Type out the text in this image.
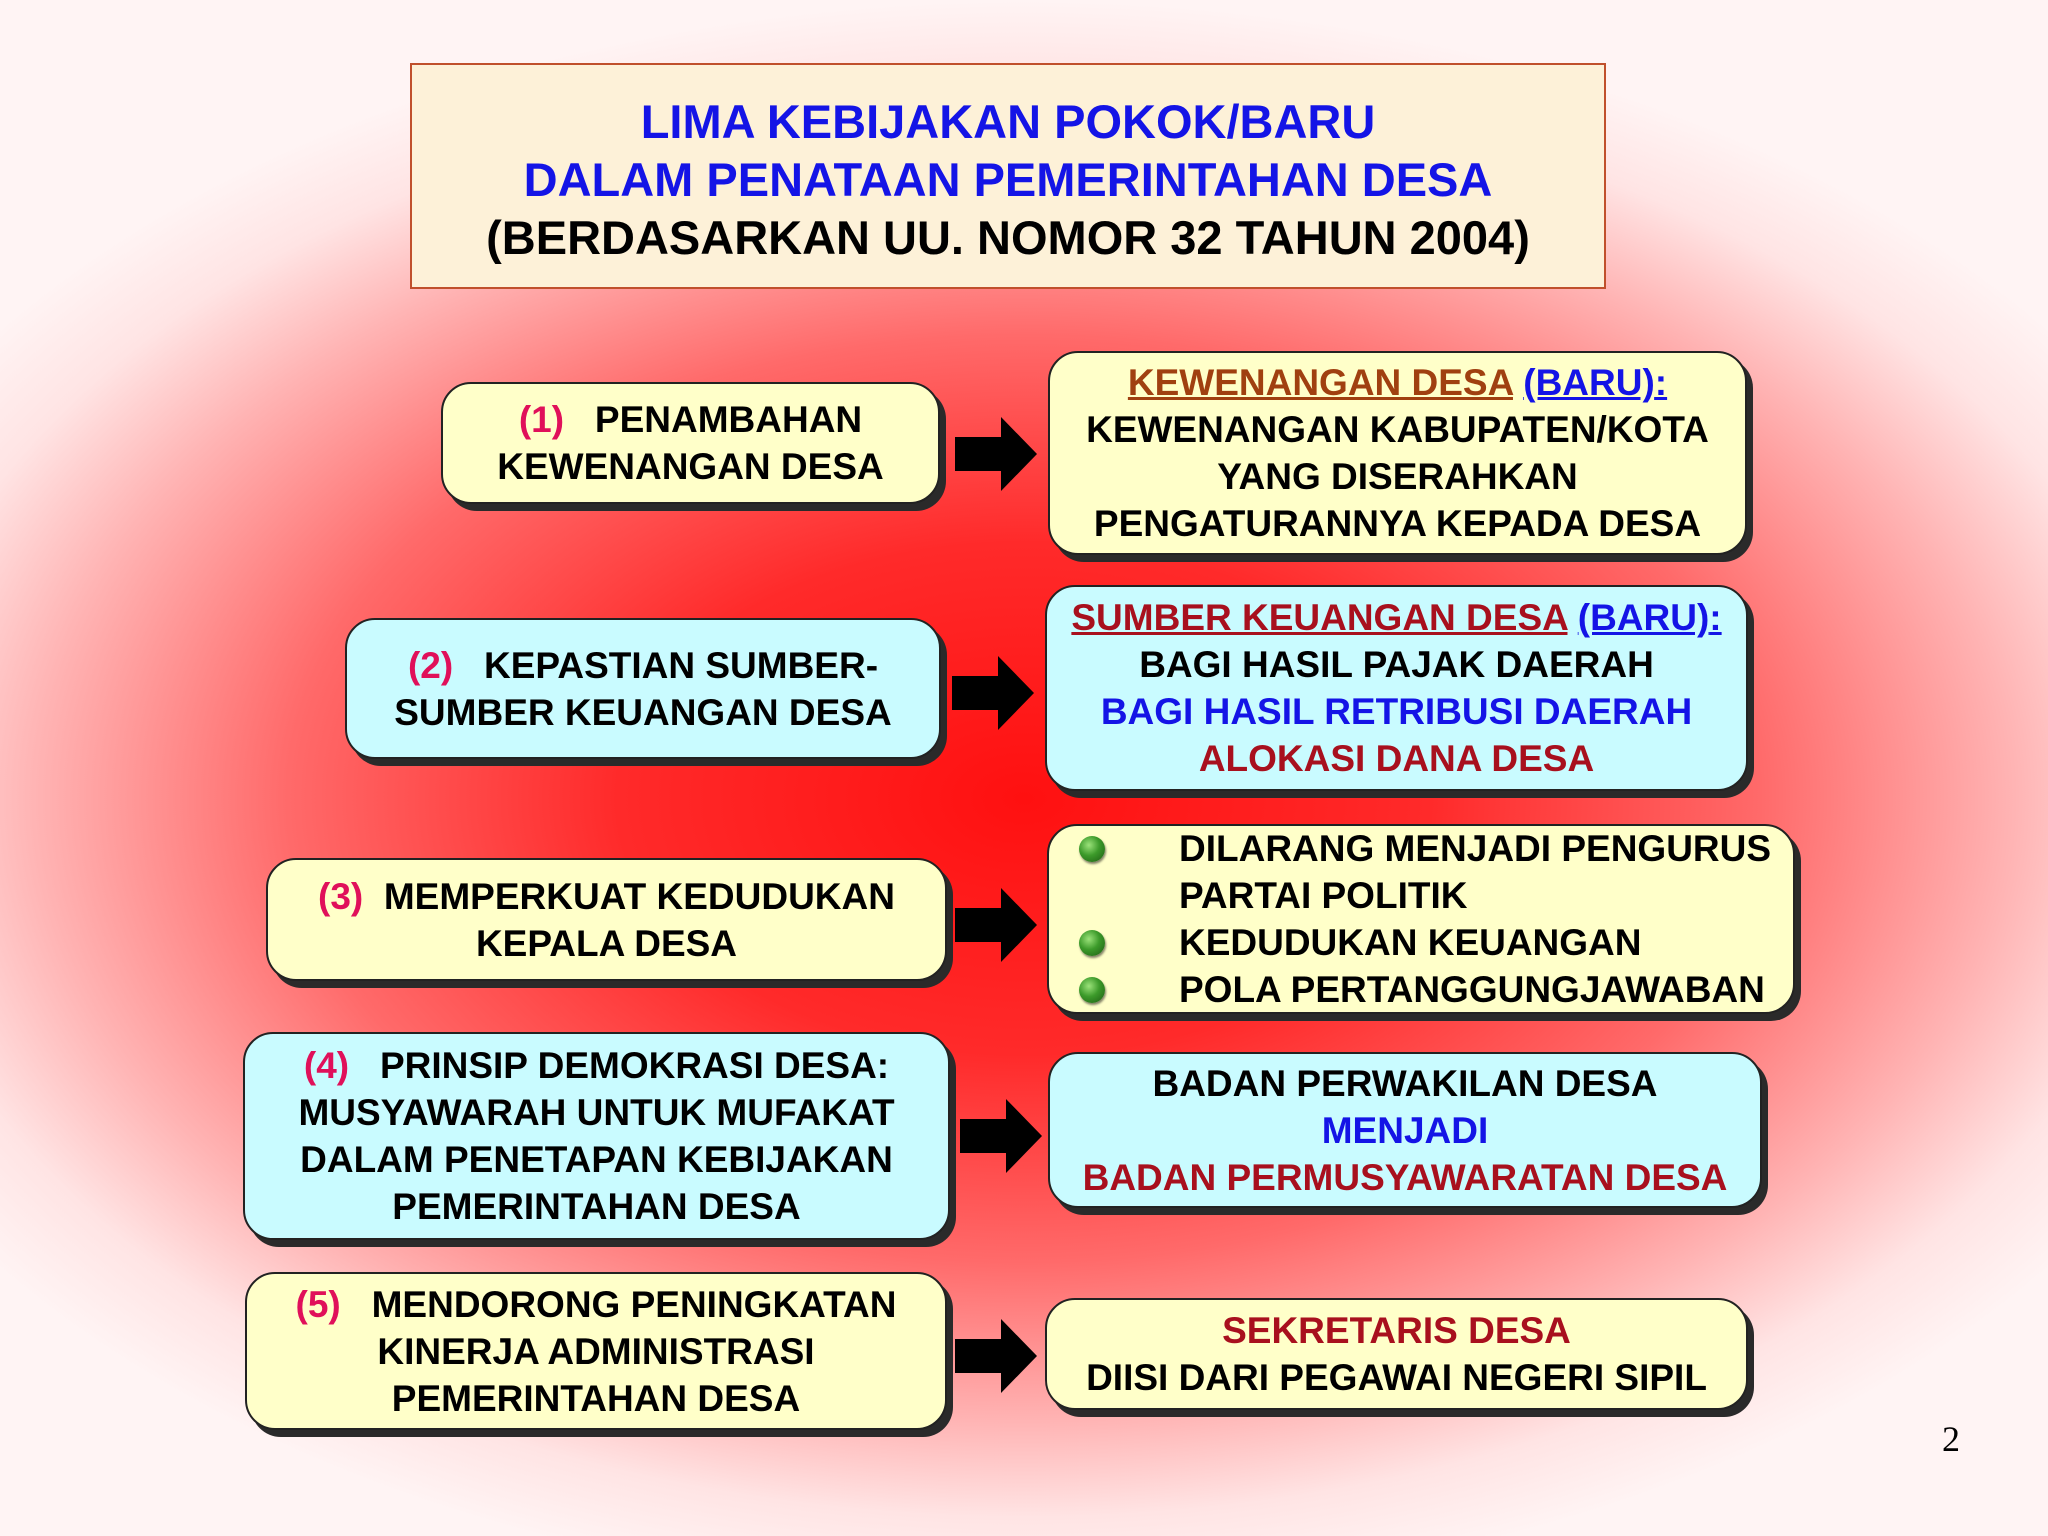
LIMA KEBIJAKAN POKOK/BARU
DALAM PENATAAN PEMERINTAHAN DESA
(BERDASARKAN UU. NOMOR 32 TAHUN 2004)
(1) PENAMBAHAN
KEWENANGAN DESA
KEWENANGAN DESA (BARU):
KEWENANGAN KABUPATEN/KOTA
YANG DISERAHKAN
PENGATURANNYA KEPADA DESA
(2) KEPASTIAN SUMBER-
SUMBER KEUANGAN DESA
SUMBER KEUANGAN DESA (BARU):
BAGI HASIL PAJAK DAERAH
BAGI HASIL RETRIBUSI DAERAH
ALOKASI DANA DESA
(3) MEMPERKUAT KEDUDUKAN
KEPALA DESA
DILARANG MENJADI PENGURUS
PARTAI POLITIK
KEDUDUKAN KEUANGAN
POLA PERTANGGUNGJAWABAN
(4) PRINSIP DEMOKRASI DESA:
MUSYAWARAH UNTUK MUFAKAT
DALAM PENETAPAN KEBIJAKAN
PEMERINTAHAN DESA
BADAN PERWAKILAN DESA
MENJADI
BADAN PERMUSYAWARATAN DESA
(5) MENDORONG PENINGKATAN
KINERJA ADMINISTRASI
PEMERINTAHAN DESA
SEKRETARIS DESA
DIISI DARI PEGAWAI NEGERI SIPIL
2
